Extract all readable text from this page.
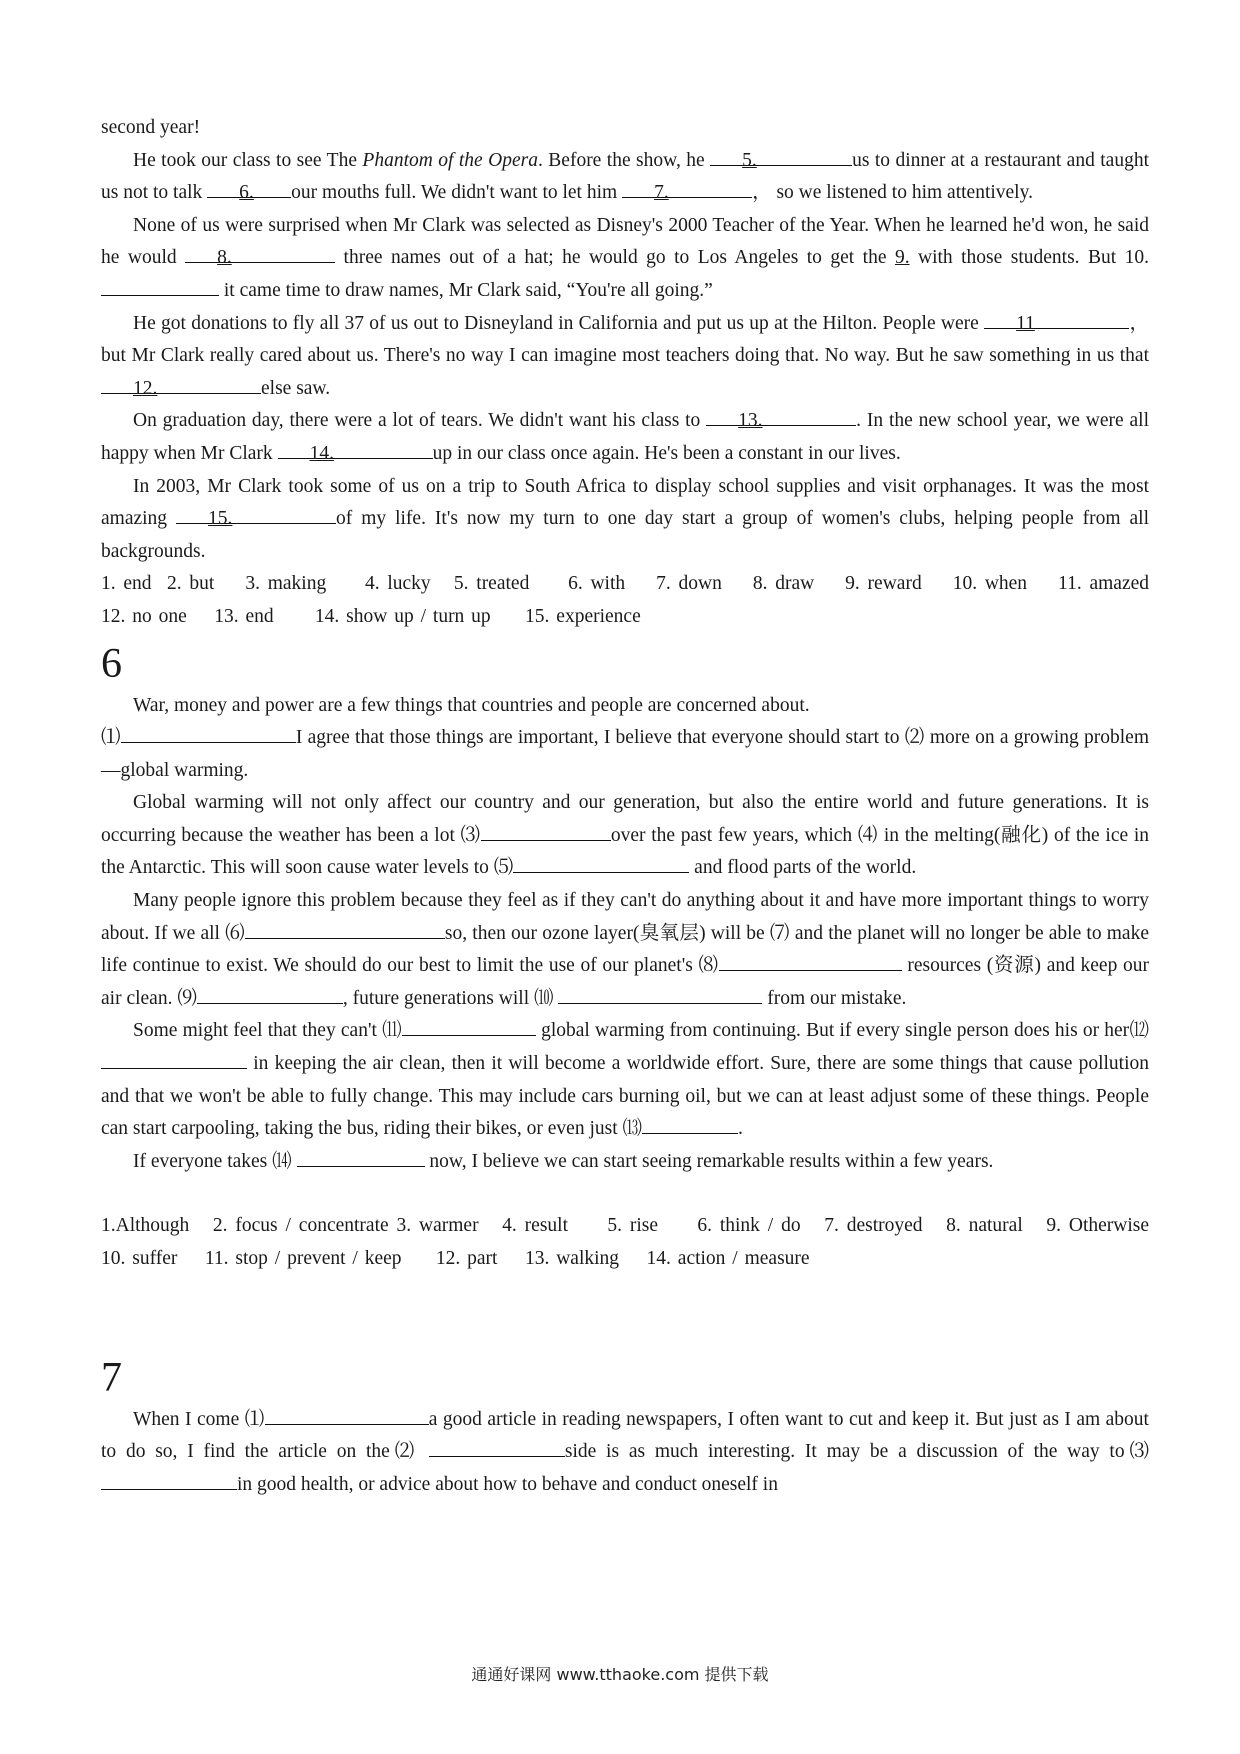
second year!

He took our class to see The Phantom of the Opera. Before the show, he 5.	us to dinner at a restaurant and taught us not to talk 6. our mouths full. We didn't want to let him 7.	， so we listened to him attentively.

None of us were surprised when Mr Clark was selected as Disney's 2000 Teacher of the Year. When he learned he'd won, he said he would 8.	three names out of a hat; he would go to Los Angeles to get the 9. with those students. But 10.  it came time to draw names, Mr Clark said, “You're all going.”

He got donations to fly all 37 of us out to Disneyland in California and put us up at the Hilton. People were 11	， but Mr Clark really cared about us. There's no way I can imagine most teachers doing that. No way. But he saw something in us that 12.	else saw.

On graduation day, there were a lot of tears. We didn't want his class to 13.	. In the new school year, we were all happy when Mr Clark 14.	up in our class once again. He's been a constant in our lives.

In 2003, Mr Clark took some of us on a trip to South Africa to display school supplies and visit orphanages. It was the most amazing 15.	of my life. It's now my turn to one day start a group of women's clubs, helping people from all backgrounds.

1. end  2. but    3. making     4. lucky   5. treated     6. with    7. down    8. draw    9. reward    10. when    11. amazed    12. no one    13. end      14. show up / turn up     15. experience

6

War, money and power are a few things that countries and people are concerned about.

⑴	I agree that those things are important, I believe that everyone should start to ⑵ more on a growing problem—global warming.

Global warming will not only affect our country and our generation, but also the entire world and future generations. It is occurring because the weather has been a lot ⑶	over the past few years, which ⑷ in the melting(融化) of the ice in the Antarctic. This will soon cause water levels to ⑸	and flood parts of the world.

Many people ignore this problem because they feel as if they can't do anything about it and have more important things to worry about. If we all ⑹	so, then our ozone layer(臭氧层) will be ⑺ and the planet will no longer be able to make life continue to exist. We should do our best to limit the use of our planet's ⑻	resources (资源) and keep our air clean. ⑼	, future generations will ⑽	from our mistake.

Some might feel that they can't ⑾	global warming from continuing. But if every single person does his or her⑿ in keeping the air clean, then it will become a worldwide effort. Sure, there are some things that cause pollution and that we won't be able to fully change. This may include cars burning oil, but we can at least adjust some of these things. People can start carpooling, taking the bus, riding their bikes, or even just ⒀	.

If everyone takes ⒁	now, I believe we can start seeing remarkable results within a few years.

1.Although   2. focus / concentrate 3. warmer   4. result     5. rise     6. think / do   7. destroyed   8. natural   9. Otherwise   10. suffer    11. stop / prevent / keep     12. part    13. walking    14. action / measure

7

When I come ⑴	a good article in reading newspapers, I often want to cut and keep it. But just as I am about to do so, I find the article on the⑵	side is as much interesting. It may be a discussion of the way to⑶ in good health, or advice about how to behave and conduct oneself in

通通好课网 www.tthaoke.com 提供下载
